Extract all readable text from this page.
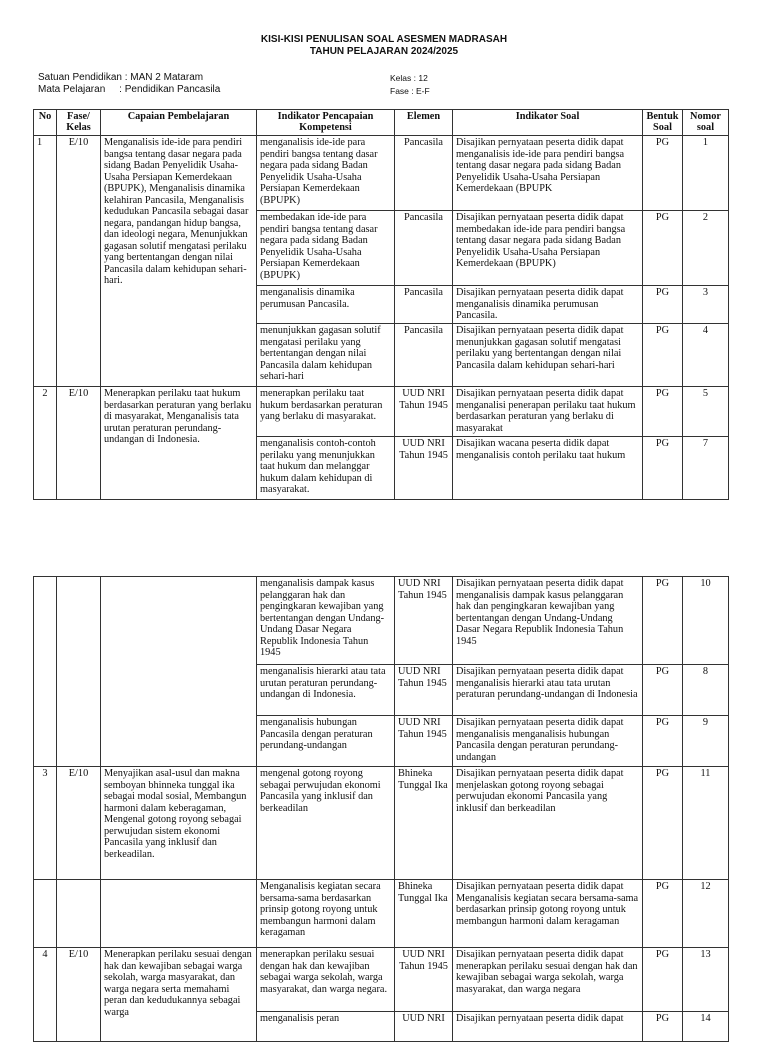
KISI-KISI PENULISAN SOAL ASESMEN MADRASAH
TAHUN PELAJARAN 2024/2025
Satuan Pendidikan : MAN 2 Mataram
Mata Pelajaran     : Pendidikan Pancasila
Kelas : 12
Fase : E-F
No	Fase/ Kelas	Capaian Pembelajaran	Indikator Pencapaian Kompetensi	Elemen	Indikator Soal	Bentuk Soal	Nomor soal
1	E/10	Menganalisis ide-ide para pendiri bangsa tentang dasar negara pada sidang Badan Penyelidik Usaha-Usaha Persiapan Kemerdekaan (BPUPK), Menganalisis dinamika kelahiran Pancasila, Menganalisis kedudukan Pancasila sebagai dasar negara, pandangan hidup bangsa, dan ideologi negara, Menunjukkan gagasan solutif mengatasi perilaku yang bertentangan dengan nilai Pancasila dalam kehidupan sehari-hari.	menganalisis ide-ide para pendiri bangsa tentang dasar negara pada sidang Badan Penyelidik Usaha-Usaha Persiapan Kemerdekaan (BPUPK)	Pancasila	Disajikan pernyataan peserta didik dapat menganalisis ide-ide para pendiri bangsa tentang dasar negara pada sidang Badan Penyelidik Usaha-Usaha Persiapan Kemerdekaan (BPUPK	PG	1
			membedakan ide-ide para pendiri bangsa tentang dasar negara pada sidang Badan Penyelidik Usaha-Usaha Persiapan Kemerdekaan (BPUPK)	Pancasila	Disajikan pernyataan peserta didik dapat membedakan ide-ide para pendiri bangsa tentang dasar negara pada sidang Badan Penyelidik Usaha-Usaha Persiapan Kemerdekaan (BPUPK)	PG	2
			menganalisis dinamika perumusan Pancasila.	Pancasila	Disajikan pernyataan peserta didik dapat menganalisis dinamika perumusan Pancasila.	PG	3
			menunjukkan gagasan solutif mengatasi perilaku yang bertentangan dengan nilai Pancasila dalam kehidupan sehari-hari	Pancasila	Disajikan pernyataan peserta didik dapat menunjukkan gagasan solutif mengatasi perilaku yang bertentangan dengan nilai Pancasila dalam kehidupan sehari-hari	PG	4
2	E/10	Menerapkan perilaku taat hukum berdasarkan peraturan yang berlaku di masyarakat, Menganalisis tata urutan peraturan perundang-undangan di Indonesia.	menerapkan perilaku taat hukum berdasarkan peraturan yang berlaku di masyarakat.	UUD NRI Tahun 1945	Disajikan pernyataan peserta didik dapat menganalisi penerapan perilaku taat hukum berdasarkan peraturan yang berlaku di masyarakat	PG	5
			menganalisis contoh-contoh perilaku yang menunjukkan taat hukum dan melanggar hukum dalam kehidupan di masyarakat.	UUD NRI Tahun 1945	Disajikan wacana peserta didik dapat menganalisis contoh perilaku taat hukum	PG	7
			menganalisis dampak kasus pelanggaran hak dan pengingkaran kewajiban yang bertentangan dengan Undang-Undang Dasar Negara Republik Indonesia Tahun 1945	UUD NRI Tahun 1945	Disajikan pernyataan peserta didik dapat menganalisis dampak kasus pelanggaran hak dan pengingkaran kewajiban yang bertentangan dengan Undang-Undang Dasar Negara Republik Indonesia Tahun 1945	PG	10
			menganalisis hierarki atau tata urutan peraturan perundang-undangan di Indonesia.	UUD NRI Tahun 1945	Disajikan pernyataan peserta didik dapat menganalisis hierarki atau tata urutan peraturan perundang-undangan di Indonesia	PG	8
			menganalisis hubungan Pancasila dengan peraturan perundang-undangan	UUD NRI Tahun 1945	Disajikan pernyataan peserta didik dapat menganalisis menganalisis hubungan Pancasila dengan peraturan perundang-undangan	PG	9
3	E/10	Menyajikan asal-usul dan makna semboyan bhinneka tunggal ika sebagai modal sosial, Membangun harmoni dalam keberagaman, Mengenal gotong royong sebagai perwujudan sistem ekonomi Pancasila yang inklusif dan berkeadilan.	mengenal gotong royong sebagai perwujudan ekonomi Pancasila yang inklusif dan berkeadilan	Bhineka Tunggal Ika	Disajikan pernyataan peserta didik dapat menjelaskan gotong royong sebagai perwujudan ekonomi Pancasila yang inklusif dan berkeadilan	PG	11
			Menganalisis kegiatan secara bersama-sama berdasarkan prinsip gotong royong untuk membangun harmoni dalam keragaman	Bhineka Tunggal Ika	Disajikan pernyataan peserta didik dapat Menganalisis kegiatan secara bersama-sama berdasarkan prinsip gotong royong untuk membangun harmoni dalam keragaman	PG	12
4	E/10	Menerapkan perilaku sesuai dengan hak dan kewajiban sebagai warga sekolah, warga masyarakat, dan warga negara serta memahami peran dan kedudukannya sebagai warga	menerapkan perilaku sesuai dengan hak dan kewajiban sebagai warga sekolah, warga masyarakat, dan warga negara.	UUD NRI Tahun 1945	Disajikan pernyataan peserta didik dapat menerapkan perilaku sesuai dengan hak dan kewajiban sebagai warga sekolah, warga masyarakat, dan warga negara	PG	13
			menganalisis peran	UUD NRI	Disajikan pernyataan peserta didik dapat	PG	14
